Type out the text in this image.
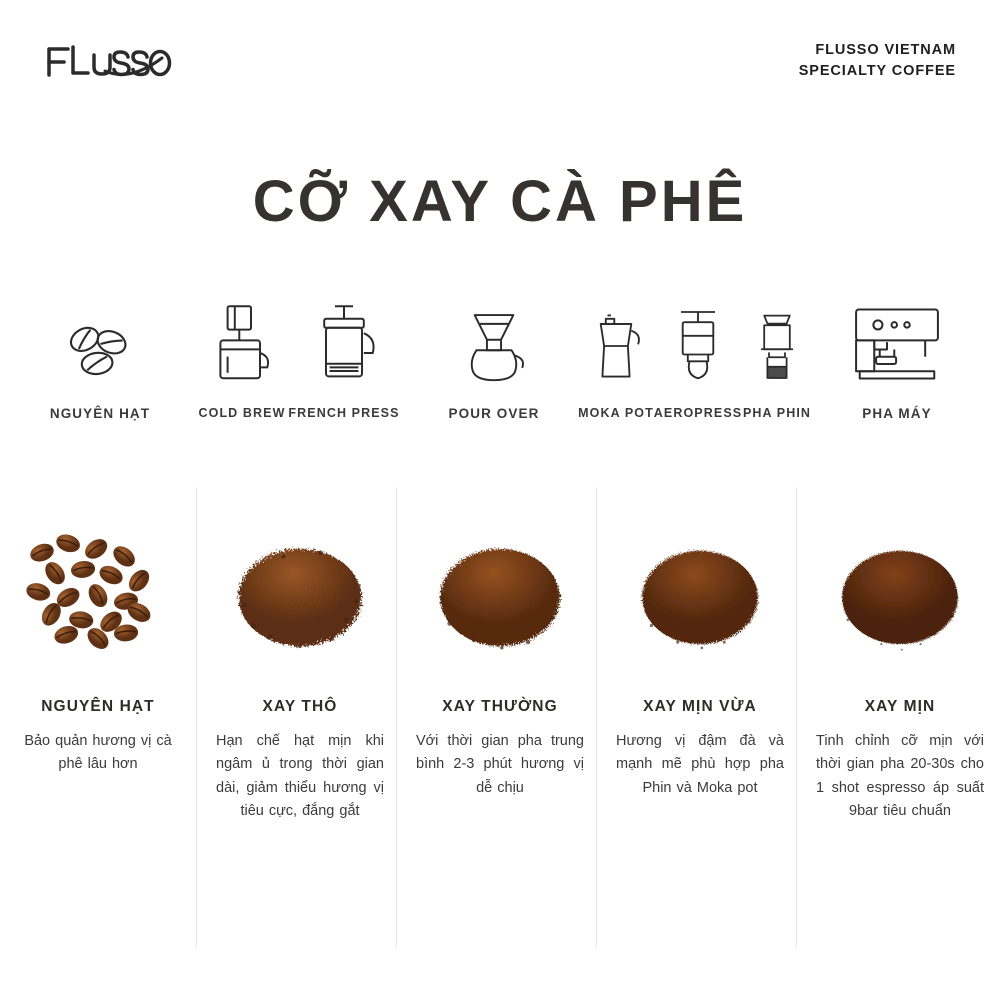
FLUSSO VIETNAM
SPECIALTY COFFEE
CỠ XAY CÀ PHÊ
NGUYÊN HẠT	COLD BREW FRENCH PRESS	POUR OVER	MOKA POT AEROPRESS PHA PHIN	PHA MÁY
NGUYÊN HẠT

Bảo quản hương vị cà phê lâu hơn

XAY THÔ

Hạn chế hạt mịn khi ngâm ủ trong thời gian dài, giảm thiểu hương vị tiêu cực, đắng gắt

XAY THƯỜNG

Với thời gian pha trung bình 2-3 phút hương vị dễ chịu

XAY MỊN VỪA

Hương vị đậm đà và mạnh mẽ phù hợp pha Phin và Moka pot

XAY MỊN

Tinh chỉnh cỡ mịn với thời gian pha 20-30s cho 1 shot espresso áp suất 9bar tiêu chuẩn
